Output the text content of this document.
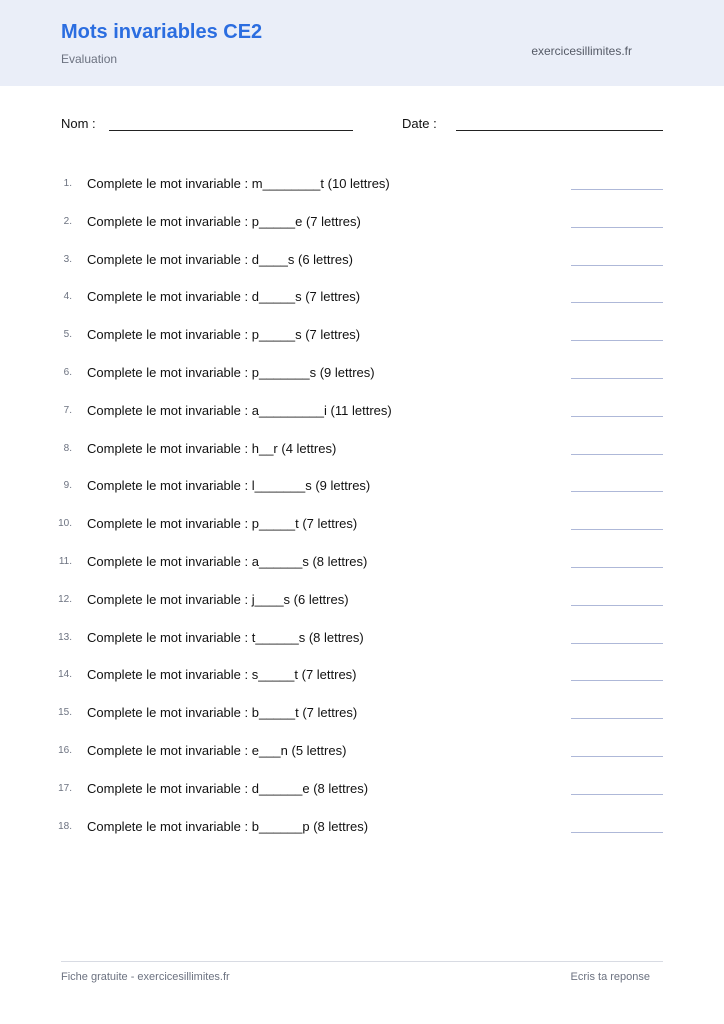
Mots invariables CE2
Evaluation
exercicesillimites.fr
Nom :	Date :
1. Complete le mot invariable : m________t (10 lettres)
2. Complete le mot invariable : p_____e (7 lettres)
3. Complete le mot invariable : d____s (6 lettres)
4. Complete le mot invariable : d_____s (7 lettres)
5. Complete le mot invariable : p_____s (7 lettres)
6. Complete le mot invariable : p_______s (9 lettres)
7. Complete le mot invariable : a_________i (11 lettres)
8. Complete le mot invariable : h__r (4 lettres)
9. Complete le mot invariable : l_______s (9 lettres)
10. Complete le mot invariable : p_____t (7 lettres)
11. Complete le mot invariable : a______s (8 lettres)
12. Complete le mot invariable : j____s (6 lettres)
13. Complete le mot invariable : t______s (8 lettres)
14. Complete le mot invariable : s_____t (7 lettres)
15. Complete le mot invariable : b_____t (7 lettres)
16. Complete le mot invariable : e___n (5 lettres)
17. Complete le mot invariable : d______e (8 lettres)
18. Complete le mot invariable : b______p (8 lettres)
Fiche gratuite - exercicesillimites.fr	Ecris ta reponse
